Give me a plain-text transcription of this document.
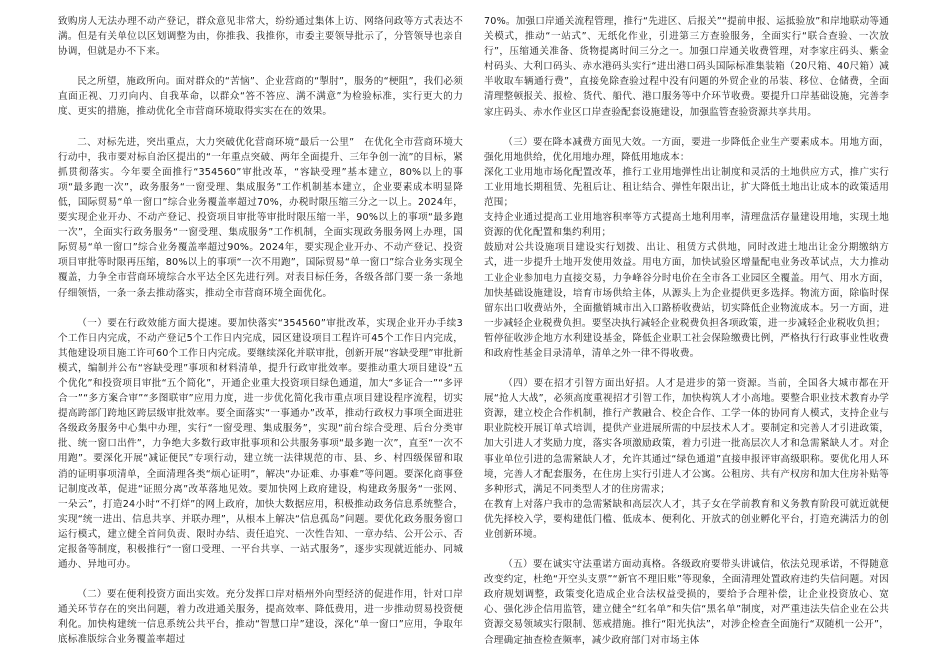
致购房人无法办理不动产登记，群众意见非常大，纷纷通过集体上访、网络问政等方式表达不满。但是有关单位以区划调整为由，你推我、我推你，市委主要领导批示了，分管领导也亲自协调，但就是办不下来。

民之所望，施政所向。面对群众的“苦恼”、企业营商的“掣肘”，服务的“梗阻”，我们必须直面正视、刀刃向内、自我革命，以群众“答不答应、满不满意”为检验标准，实行更大的力度、更实的措施，推动优化全市营商环境取得实实在在的效果。

二、对标先进，突出重点，大力突破优化营商环境“最后一公里”　在优化全市营商环境大行动中，我市要对标自治区提出的“一年重点突破、两年全面提升、三年争创一流”的目标，紧抓贯彻落实。今年要全面推行“354560”审批改革，“容缺受理”基本建立，80%以上的事项“最多跑一次”，政务服务“一窗受理、集成服务”工作机制基本建立，企业要素成本明显降低，国际贸易“单一窗口”综合业务覆盖率超过70%，办税时限压缩三分之一以上。2024年，要实现企业开办、不动产登记、投资项目审批等审批时限压缩一半，90%以上的事项“最多跑一次”，全面实行政务服务“一窗受理、集成服务”工作机制，全面实现政务服务网上办理，国际贸易“单一窗口”综合业务覆盖率超过90%。2024年，要实现企业开办、不动产登记、投资项目审批等时限再压缩，80%以上的事项“一次不用跑”，国际贸易“单一窗口”综合业务实现全覆盖，力争全市营商环境综合水平达全区先进行列。对表目标任务，各级各部门要一条一条地仔细领悟，一条一条去推动落实，推动全市营商环境全面优化。

（一）要在行政效能方面大提速。要加快落实“354560”审批改革，实现企业开办手续3个工作日内完成，不动产登记5个工作日内完成，园区建设项目工程许可45个工作日内完成，其他建设项目施工许可60个工作日内完成。要继续深化并联审批，创新开展“容缺受理”审批新模式，编制并公布“容缺受理”事项和材料清单，提升行政审批效率。要推动重大项目建设“五个优化”和投资项目审批“五个简化”，开通企业重大投资项目绿色通道，加大“多证合一”“多评合一”“多方案合审”“多图联审”应用力度，进一步优化简化我市重点项目建设程序流程，切实提高跨部门跨地区跨层级审批效率。要全面落实“一事通办”改革，推动行政权力事项全面进驻各级政务服务中心集中办理，实行“一窗受理、集成服务”，实现“前台综合受理、后台分类审批、统一窗口出件”，力争绝大多数行政审批事项和公共服务事项“最多跑一次”，直至“一次不用跑”。要深化开展“减证便民”专项行动，建立统一法律规范的市、县、乡、村四级保留和取消的证明事项清单，全面清理各类“烦心证明”，解决“办证难、办事难”等问题。要深化商事登记制度改革，促进“证照分离”改革落地见效。要加快网上政府建设，构建政务服务“一张网、一朵云”，打造24小时“不打烊”的网上政府，加快大数据应用，积极推动政务信息系统整合，实现“统一进出、信息共享、并联办理”，从根本上解决“信息孤岛”问题。要优化政务服务窗口运行模式，建立健全首问负责、限时办结、责任追究、一次性告知、一章办结、公开公示、否定报备等制度，积极推行“一窗口受理、一平台共享、一站式服务”，逐步实现就近能办、同城通办、异地可办。

（二）要在便利投资方面出实效。充分发挥口岸对梧州外向型经济的促进作用，针对口岸通关环节存在的突出问题，着力改进通关服务，提高效率、降低费用，进一步推动贸易投资便利化。加快构建统一信息系统公共平台，推动“智慧口岸”建设，深化“单一窗口”应用，争取年底标准版综合业务覆盖率超过

70%。加强口岸通关流程管理，推行“先进区、后报关”“提前申报、运抵验放”和岸地联动等通关模式，推动“一站式”、无纸化作业，引进第三方查验服务，全面实行“联合查验、一次放行”，压缩通关准备、货物提离时间三分之一。加强口岸通关收费管理，对李家庄码头、紫金村码头、大利口码头、赤水港码头实行“进出港口码头国际标准集装箱（20尺箱、40尺箱）减半收取车辆通行费”，直接免除查验过程中没有问题的外贸企业的吊装、移位、仓储费，全面清理整顿报关、报检、货代、船代、港口服务等中介环节收费。要提升口岸基础设施，完善李家庄码头、赤水作业区口岸查验配套设施建设，加强监管查验资源共享共用。

（三）要在降本减费方面见大效。一方面，要进一步降低企业生产要素成本。用地方面，强化用地供给，优化用地办理，降低用地成本：

深化工业用地市场化配置改革，推行工业用地弹性出让制度和灵活的土地供应方式，推广实行工业用地长期租赁、先租后让、租让结合、弹性年限出让，扩大降低土地出让成本的政策适用范围；

支持企业通过提高工业用地容积率等方式提高土地利用率，清理盘活存量建设用地，实现土地资源的优化配置和集约利用；

鼓励对公共设施项目建设实行划拨、出让、租赁方式供地，同时改进土地出让金分期缴纳方式，进一步提升土地开发使用效益。用电方面，加快试验区增量配电业务改革试点，大力推动工业企业参加电力直接交易，力争峰谷分时电价在全市各工业园区全覆盖。用气、用水方面，加快基础设施建设，培育市场供给主体，从源头上为企业提供更多选择。物流方面，除临时保留东出口收费站外，全面撤销城市出入口路桥收费站，切实降低企业物流成本。另一方面，进一步减轻企业税费负担。要坚决执行减轻企业税费负担各项政策，进一步减轻企业税收负担；

暂停征收涉企地方水利建设基金，降低企业职工社会保险缴费比例，严格执行行政事业性收费和政府性基金目录清单，清单之外一律不得收费。

（四）要在招才引智方面出好招。人才是进步的第一资源。当前，全国各大城市都在开展“抢人大战”，必须高度重视招才引智工作，加快构筑人才小高地。要整合职业技术教育办学资源，建立校企合作机制，推行产教融合、校企合作、工学一体的协同育人模式，支持企业与职业院校开展订单式培训，提供产业进展所需的中层技术人才。要制定和完善人才引进政策，加大引进人才奖励力度，落实各项激励政策，着力引进一批高层次人才和急需紧缺人才。对企事业单位引进的急需紧缺人才，允许其通过“绿色通道”直接申报评审高级职称。要优化用人环境，完善人才配套服务，在住房上实行引进人才公寓。公租房、共有产权房和加大住房补贴等多种形式，满足不同类型人才的住房需求；

在教育上对落户我市的急需紧缺和高层次人才，其子女在学前教育和义务教育阶段可就近就便优先择校入学，要构建低门槛、低成本、便利化、开放式的创业孵化平台，打造充满活力的创业创新环境。

（五）要在诚实守法重诺方面动真格。各级政府要带头讲诚信，依法兑现承诺，不得随意改变约定，杜绝“开空头支票”“新官不理旧账”等现象，全面清理处置政府违约失信问题。对因政府规划调整，政策变化造成企业合法权益受损的，要给予合理补偿，让企业投资放心、宽心、强化涉企信用监管，建立健全“红名单”和失信“黑名单”制度，对严重违法失信企业在公共资源交易领域实行限制、惩戒措施。推行“阳光执法”，对涉企检查全面施行“双随机一公开”，合理确定抽查检查频率，减少政府部门对市场主体
